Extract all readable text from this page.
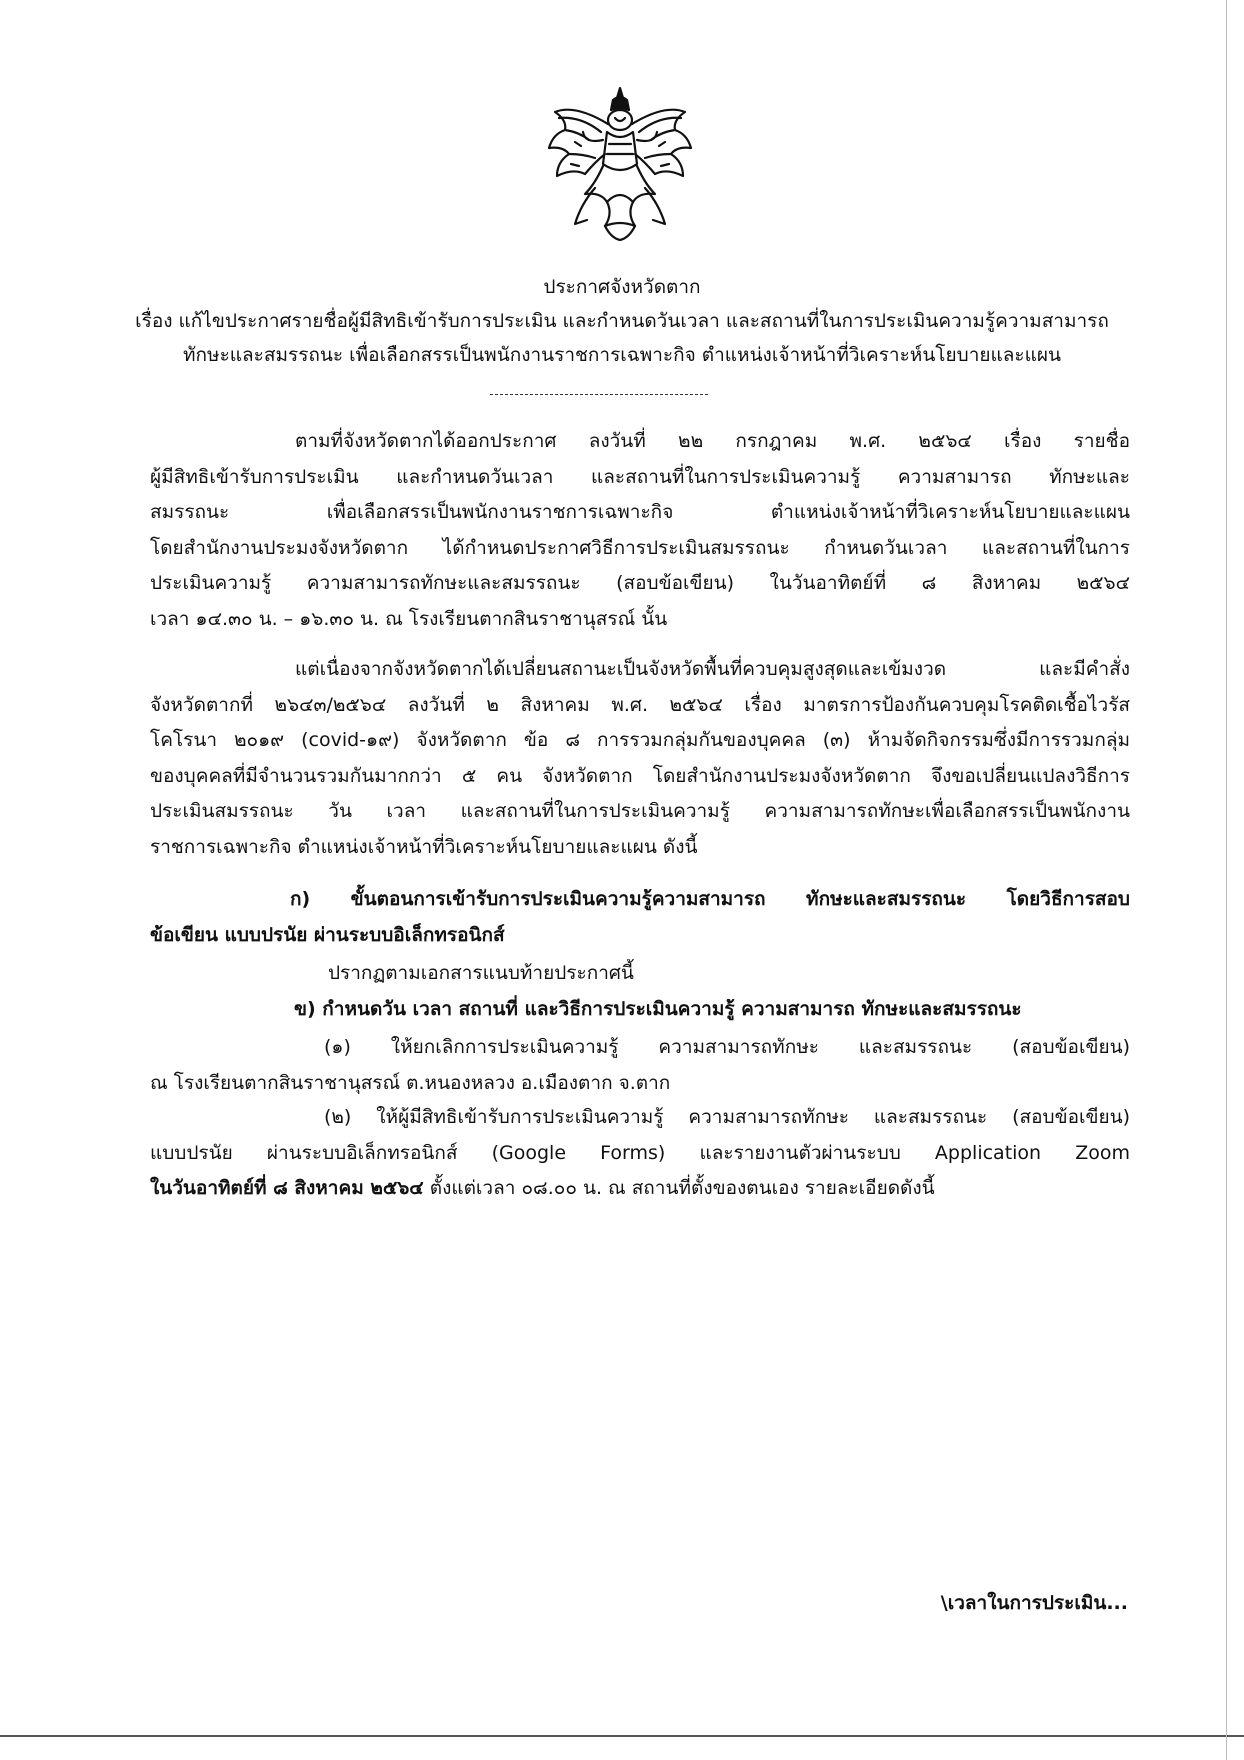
ประกาศจังหวัดตาก
เรื่อง แก้ไขประกาศรายชื่อผู้มีสิทธิเข้ารับการประเมิน และกำหนดวันเวลา และสถานที่ในการประเมินความรู้ความสามารถ
ทักษะและสมรรถนะ เพื่อเลือกสรรเป็นพนักงานราชการเฉพาะกิจ ตำแหน่งเจ้าหน้าที่วิเคราะห์นโยบายและแผน
ตามที่จังหวัดตากได้ออกประกาศ ลงวันที่ ๒๒ กรกฎาคม พ.ศ. ๒๕๖๔ เรื่อง รายชื่อ
ผู้มีสิทธิเข้ารับการประเมิน และกำหนดวันเวลา และสถานที่ในการประเมินความรู้ ความสามารถ ทักษะและ
สมรรถนะ เพื่อเลือกสรรเป็นพนักงานราชการเฉพาะกิจ ตำแหน่งเจ้าหน้าที่วิเคราะห์นโยบายและแผน
โดยสำนักงานประมงจังหวัดตาก ได้กำหนดประกาศวิธีการประเมินสมรรถนะ กำหนดวันเวลา และสถานที่ในการ
ประเมินความรู้ ความสามารถทักษะและสมรรถนะ (สอบข้อเขียน) ในวันอาทิตย์ที่ ๘ สิงหาคม ๒๕๖๔
เวลา ๑๔.๓๐ น. – ๑๖.๓๐ น. ณ โรงเรียนตากสินราชานุสรณ์ นั้น
แต่เนื่องจากจังหวัดตากได้เปลี่ยนสถานะเป็นจังหวัดพื้นที่ควบคุมสูงสุดและเข้มงวด และมีคำสั่ง
จังหวัดตากที่ ๒๖๔๓/๒๕๖๔ ลงวันที่ ๒ สิงหาคม พ.ศ. ๒๕๖๔ เรื่อง มาตรการป้องกันควบคุมโรคติดเชื้อไวรัส
โคโรนา ๒๐๑๙ (covid-๑๙) จังหวัดตาก ข้อ ๘ การรวมกลุ่มกันของบุคคล (๓) ห้ามจัดกิจกรรมซึ่งมีการรวมกลุ่ม
ของบุคคลที่มีจำนวนรวมกันมากกว่า ๕ คน จังหวัดตาก โดยสำนักงานประมงจังหวัดตาก จึงขอเปลี่ยนแปลงวิธีการ
ประเมินสมรรถนะ วัน เวลา และสถานที่ในการประเมินความรู้ ความสามารถทักษะเพื่อเลือกสรรเป็นพนักงาน
ราชการเฉพาะกิจ ตำแหน่งเจ้าหน้าที่วิเคราะห์นโยบายและแผน ดังนี้
ก) ขั้นตอนการเข้ารับการประเมินความรู้ความสามารถ ทักษะและสมรรถนะ โดยวิธีการสอบ
ข้อเขียน แบบปรนัย ผ่านระบบอิเล็กทรอนิกส์
ปรากฏตามเอกสารแนบท้ายประกาศนี้
ข) กำหนดวัน เวลา สถานที่ และวิธีการประเมินความรู้ ความสามารถ ทักษะและสมรรถนะ
(๑) ให้ยกเลิกการประเมินความรู้ ความสามารถทักษะ และสมรรถนะ (สอบข้อเขียน)
ณ โรงเรียนตากสินราชานุสรณ์ ต.หนองหลวง อ.เมืองตาก จ.ตาก
(๒) ให้ผู้มีสิทธิเข้ารับการประเมินความรู้ ความสามารถทักษะ และสมรรถนะ (สอบข้อเขียน)
แบบปรนัย ผ่านระบบอิเล็กทรอนิกส์ (Google Forms) และรายงานตัวผ่านระบบ Application Zoom
ในวันอาทิตย์ที่ ๘ สิงหาคม ๒๕๖๔ ตั้งแต่เวลา ๐๘.๐๐ น. ณ สถานที่ตั้งของตนเอง รายละเอียดดังนี้
\เวลาในการประเมิน...
